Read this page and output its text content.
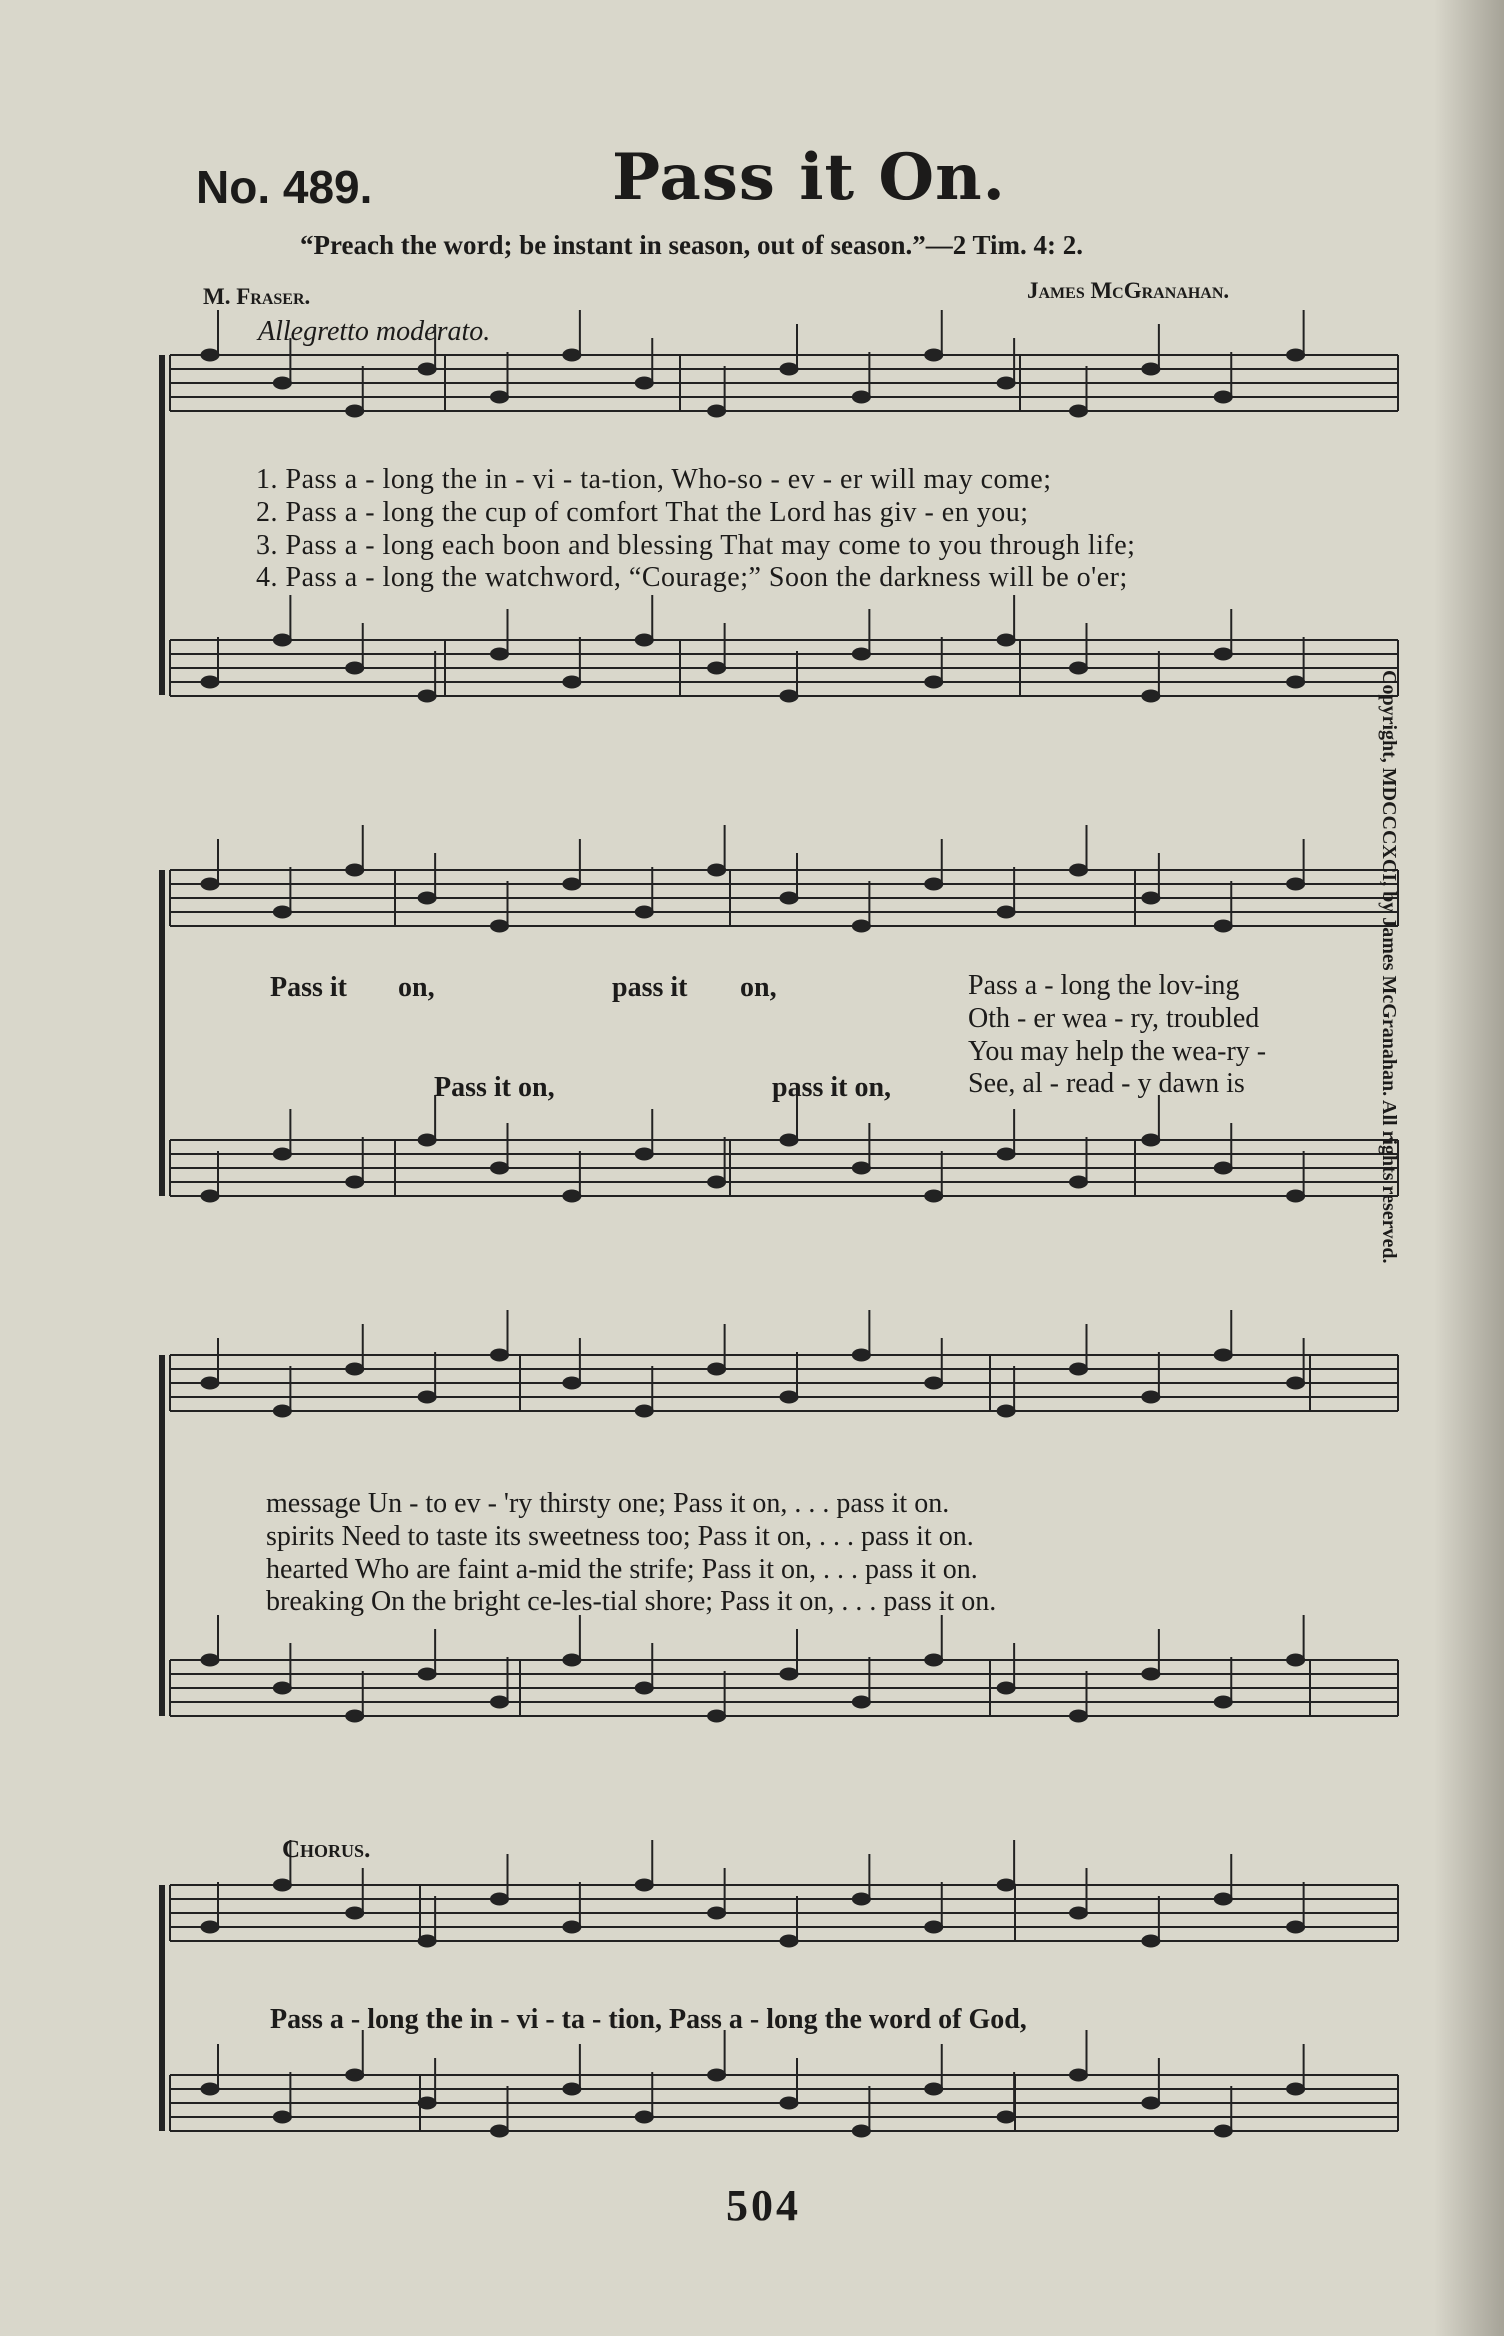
No. 489.	Pass it On.
“Preach the word; be instant in season, out of season.”—2 Tim. 4: 2.
M. Fraser.	James McGranahan.
Allegretto moderato.
1. Pass a - long the in - vi - ta-tion, Who-so - ev - er will may come;
2. Pass a - long the cup of comfort That the Lord has giv - en you;
3. Pass a - long each boon and blessing That may come to you through life;
4. Pass a - long the watchword, “Courage;” Soon the darkness will be o'er;
Pass it on,	pass it on,
Pass it on,	pass it on,
Pass a - long the lov-ing
Oth - er wea - ry, troubled
You may help the wea-ry -
See, al - read - y dawn is
message Un - to ev - 'ry thirsty one; Pass it on, . . . pass it on.
spirits Need to taste its sweetness too; Pass it on, . . . pass it on.
hearted Who are faint a-mid the strife; Pass it on, . . . pass it on.
breaking On the bright ce-les-tial shore; Pass it on, . . . pass it on.
Chorus.
Pass a - long the in - vi - ta - tion, Pass a - long the word of God,
Copyright, MDCCCXCI, by James McGranahan. All rights reserved.
504
